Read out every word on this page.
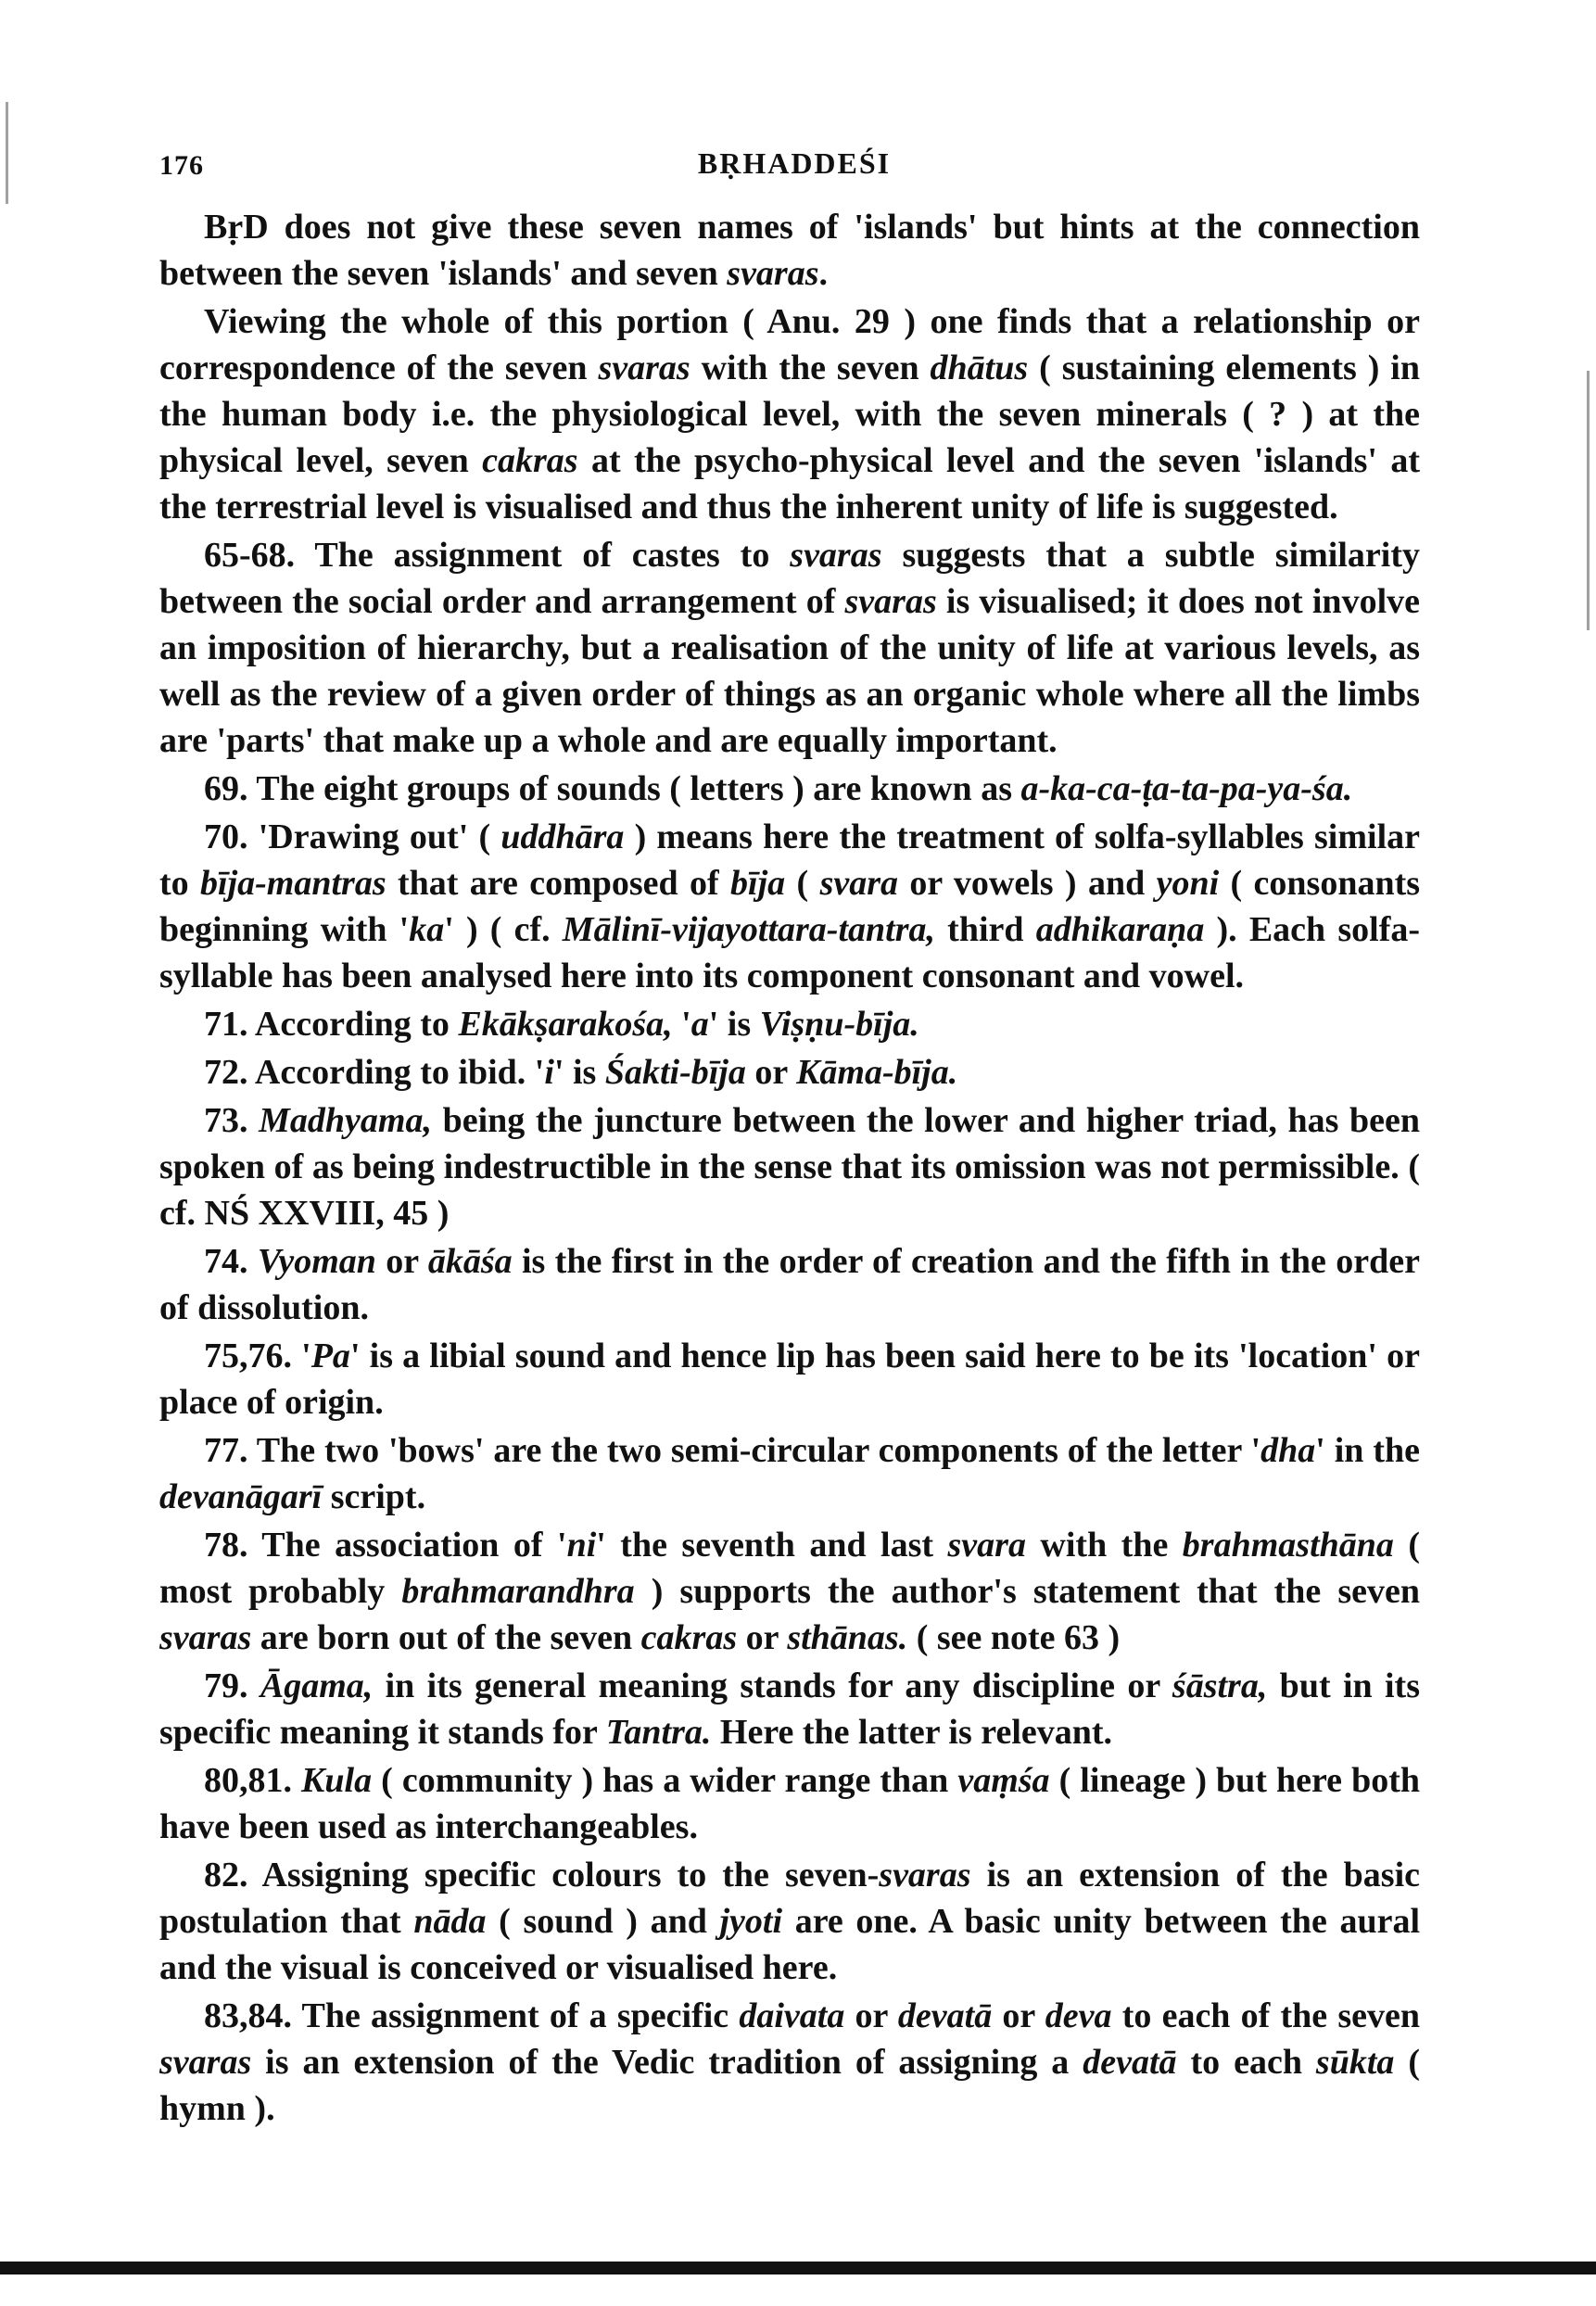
176	BṚHADDEŚI

BṛD does not give these seven names of 'islands' but hints at the connection between the seven 'islands' and seven svaras.

Viewing the whole of this portion ( Anu. 29 ) one finds that a relationship or correspondence of the seven svaras with the seven dhātus ( sustaining elements ) in the human body i.e. the physiological level, with the seven minerals ( ? ) at the physical level, seven cakras at the psycho-physical level and the seven 'islands' at the terrestrial level is visualised and thus the inherent unity of life is suggested.

65-68. The assignment of castes to svaras suggests that a subtle similarity between the social order and arrangement of svaras is visualised; it does not involve an imposition of hierarchy, but a realisation of the unity of life at various levels, as well as the review of a given order of things as an organic whole where all the limbs are 'parts' that make up a whole and are equally important.

69. The eight groups of sounds ( letters ) are known as a-ka-ca-ṭa-ta-pa-ya-śa.

70. 'Drawing out' ( uddhāra ) means here the treatment of solfa-syllables similar to bīja-mantras that are composed of bīja ( svara or vowels ) and yoni ( consonants beginning with 'ka' ) ( cf. Mālinī-vijayottara-tantra, third adhikaraṇa ). Each solfa-syllable has been analysed here into its component consonant and vowel.

71. According to Ekākṣarakośa, 'a' is Viṣṇu-bīja.

72. According to ibid. 'i' is Śakti-bīja or Kāma-bīja.

73. Madhyama, being the juncture between the lower and higher triad, has been spoken of as being indestructible in the sense that its omission was not permissible. ( cf. NŚ XXVIII, 45 )

74. Vyoman or ākāśa is the first in the order of creation and the fifth in the order of dissolution.

75,76. 'Pa' is a libial sound and hence lip has been said here to be its 'location' or place of origin.

77. The two 'bows' are the two semi-circular components of the letter 'dha' in the devanāgarī script.

78. The association of 'ni' the seventh and last svara with the brahmasthāna ( most probably brahmarandhra ) supports the author's statement that the seven svaras are born out of the seven cakras or sthānas. ( see note 63 )

79. Āgama, in its general meaning stands for any discipline or śāstra, but in its specific meaning it stands for Tantra. Here the latter is relevant.

80,81. Kula ( community ) has a wider range than vaṃśa ( lineage ) but here both have been used as interchangeables.

82. Assigning specific colours to the seven-svaras is an extension of the basic postulation that nāda ( sound ) and jyoti are one. A basic unity between the aural and the visual is conceived or visualised here.

83,84. The assignment of a specific daivata or devatā or deva to each of the seven svaras is an extension of the Vedic tradition of assigning a devatā to each sūkta ( hymn ).
